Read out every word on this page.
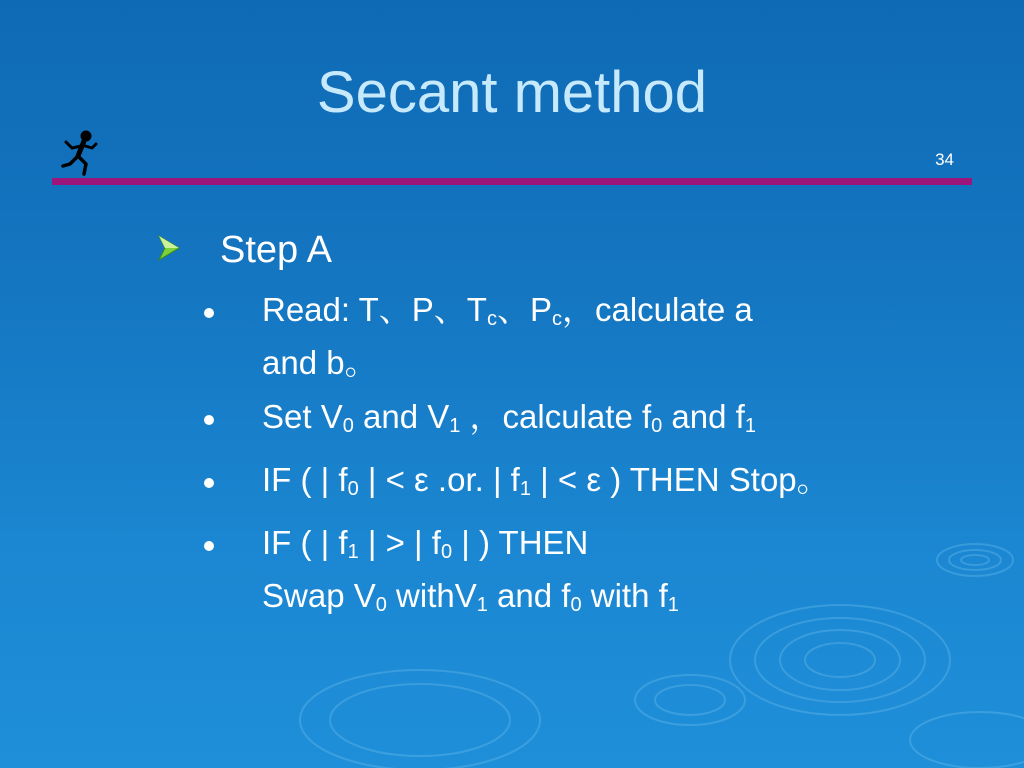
Secant method
34
Step A
Read: T、P、$T_c$、$P_c$，calculate a
and b。
Set $V_0$ and $V_1$ ，calculate $f_0$ and $f_1$
IF ( | $f_0$ | < ε .or. | $f_1$ | < ε ) THEN Stop。
IF ( | $f_1$ | > | $f_0$ | ) THEN
Swap $V_0$ withV$_1$ and $f_0$ with $f_1$
